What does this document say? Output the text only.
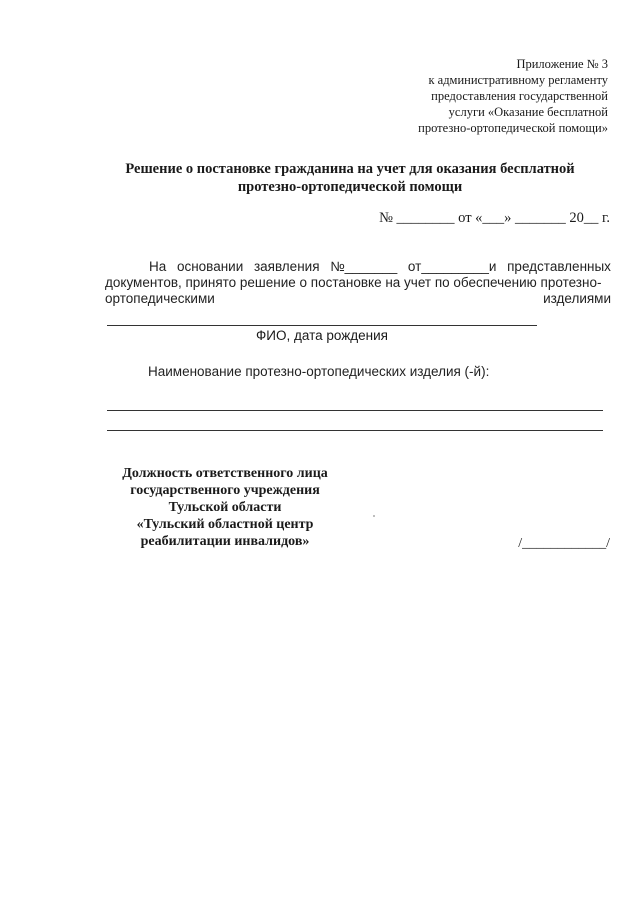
Приложение № 3
к административному регламенту
предоставления государственной
услуги «Оказание бесплатной
протезно-ортопедической помощи»
Решение о постановке гражданина на учет для оказания бесплатной
протезно-ортопедической помощи
№ ________ от «___» _______ 20__ г.
На основании заявления №_______ от_________и представленных
документов, принято решение о постановке на учет по обеспечению протезно-
ортопедическими	изделиями
ФИО, дата рождения
Наименование протезно-ортопедических изделия (-й):
Должность ответственного лица
государственного учреждения
Тульской области
«Тульский областной центр
реабилитации инвалидов»	/____________/
